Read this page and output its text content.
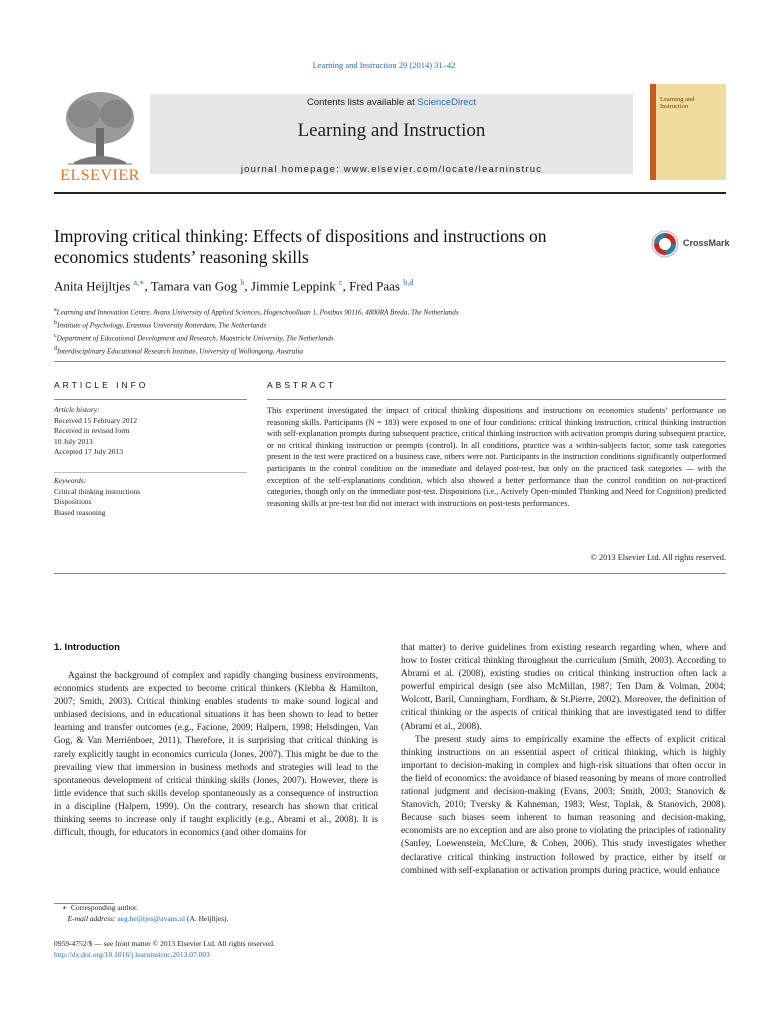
Learning and Instruction 29 (2014) 31–42
ELSEVIER
Contents lists available at ScienceDirect
Learning and Instruction
journal homepage: www.elsevier.com/locate/learninstruc
Learning and Instruction
Improving critical thinking: Effects of dispositions and instructions on economics students’ reasoning skills
CrossMark
Anita Heijltjes $^{a,∗}$, Tamara van Gog $^b$, Jimmie Leppink $^c$, Fred Paas $^{b,d}$
$^a$Learning and Innovation Centre, Avans University of Applied Sciences, Hogeschoollaan 1, Postbus 90116, 4800RA Breda, The Netherlands
$^b$Institute of Psychology, Erasmus University Rotterdam, The Netherlands
$^c$Department of Educational Development and Research, Maastricht University, The Netherlands
$^d$Interdisciplinary Educational Research Institute, University of Wollongong, Australia
ARTICLE INFO	ABSTRACT
Article history:
Received 15 February 2012
Received in revised form
10 July 2013
Accepted 17 July 2013
Keywords:
Critical thinking instructions
Dispositions
Biased reasoning
This experiment investigated the impact of critical thinking dispositions and instructions on economics students’ performance on reasoning skills. Participants (N = 183) were exposed to one of four conditions: critical thinking instruction, critical thinking instruction with self-explanation prompts during subsequent practice, critical thinking instruction with activation prompts during subsequent practice, or no critical thinking instruction or prompts (control). In all conditions, practice was a within-subjects factor, some task categories present in the test were practiced on a business case, others were not. Participants in the instruction conditions significantly outperformed participants in the control condition on the immediate and delayed post-test, but only on the practiced task categories — with the exception of the self-explanations condition, which also showed a better performance than the control condition on not-practiced categories, though only on the immediate post-test. Dispositions (i.e., Actively Open-minded Thinking and Need for Cognition) predicted reasoning skills at pre-test but did not interact with instructions on post-tests performances.
© 2013 Elsevier Ltd. All rights reserved.
1. Introduction
Against the background of complex and rapidly changing business environments, economics students are expected to become critical thinkers (Klebba & Hamilton, 2007; Smith, 2003). Critical thinking enables students to make sound logical and unbiased decisions, and in educational situations it has been shown to lead to better learning and transfer outcomes (e.g., Facione, 2009; Halpern, 1998; Helsdingen, Van Gog, & Van Merriënboer, 2011). Therefore, it is surprising that critical thinking is rarely explicitly taught in economics curricula (Jones, 2007). This might be due to the prevailing view that immersion in business methods and strategies will lead to the spontaneous development of critical thinking skills (Jones, 2007). However, there is little evidence that such skills develop spontaneously as a consequence of instruction in a discipline (Halpern, 1999). On the contrary, research has shown that critical thinking seems to increase only if taught explicitly (e.g., Abrami et al., 2008). It is difficult, though, for educators in economics (and other domains for

that matter) to derive guidelines from existing research regarding when, where and how to foster critical thinking throughout the curriculum (Smith, 2003). According to Abrami et al. (2008), existing studies on critical thinking instruction often lack a powerful empirical design (see also McMillan, 1987; Ten Dam & Volman, 2004; Wolcott, Baril, Cunningham, Fordham, & St.Pierre, 2002). Moreover, the definition of critical thinking or the aspects of critical thinking that are investigated tend to differ (Abrami et al., 2008).

The present study aims to empirically examine the effects of explicit critical thinking instructions on an essential aspect of critical thinking, which is highly important to decision-making in complex and high-risk situations that often occur in the field of economics: the avoidance of biased reasoning by means of more controlled rational judgment and decision-making (Evans, 2003; Smith, 2003; Stanovich & Stanovich, 2010; Tversky & Kahneman, 1983; West, Toplak, & Stanovich, 2008). Because such biases seem inherent to human reasoning and decision-making, economists are no exception and are also prone to violating the principles of rationality (Sanfey, Loewenstein, McClure, & Cohen, 2006). This study investigates whether declarative critical thinking instruction followed by practice, either by itself or combined with self-explanation or activation prompts during practice, would enhance

∗ Corresponding author.
E-mail address: aeg.heijltjes@avans.nl (A. Heijltjes).
0959-4752/$ — see front matter © 2013 Elsevier Ltd. All rights reserved.
http://dx.doi.org/10.1016/j.learninstruc.2013.07.003
